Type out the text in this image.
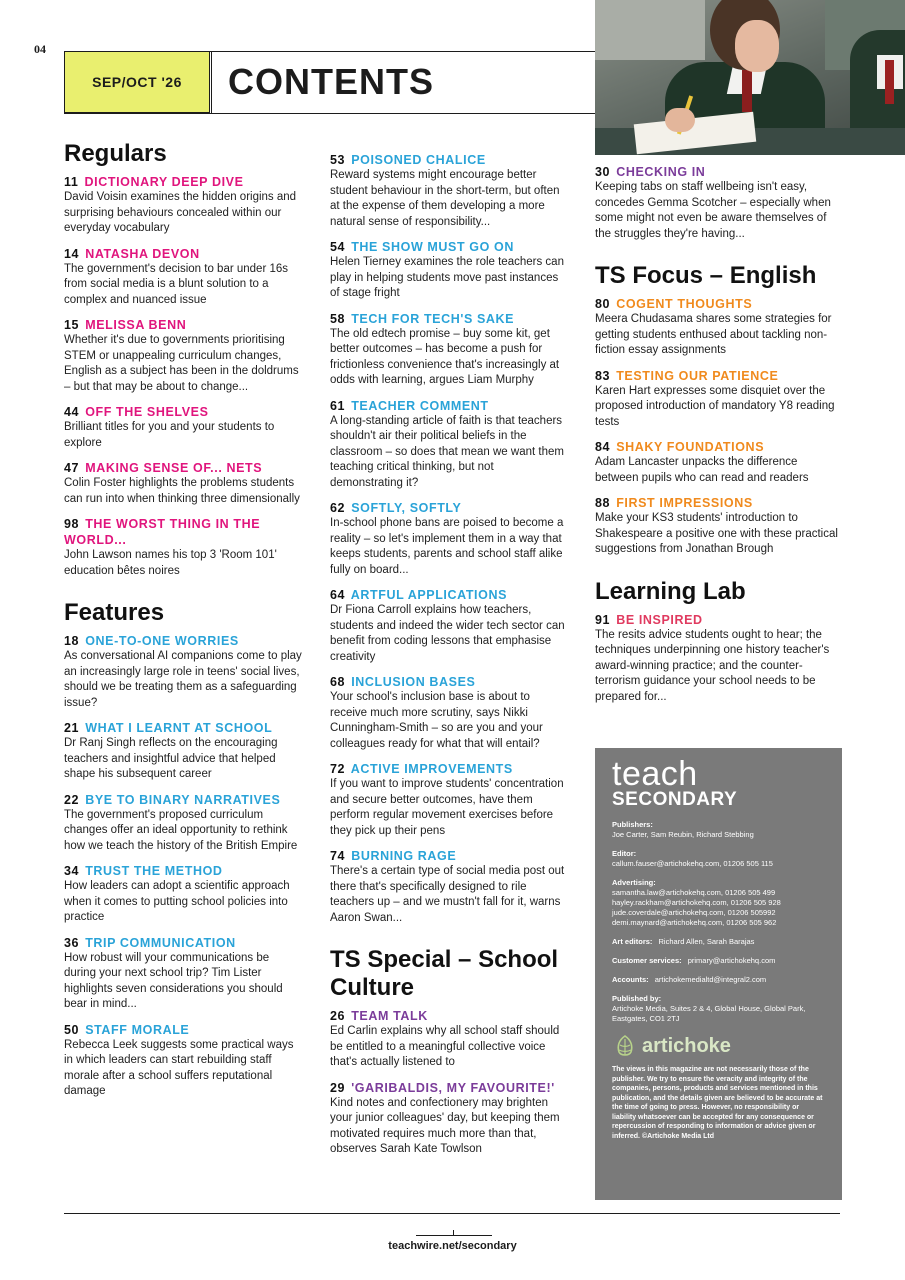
04
SEP/OCT '26	CONTENTS
Regulars
11 DICTIONARY DEEP DIVE
David Voisin examines the hidden origins and surprising behaviours concealed within our everyday vocabulary
14 NATASHA DEVON
The government's decision to bar under 16s from social media is a blunt solution to a complex and nuanced issue
15 MELISSA BENN
Whether it's due to governments prioritising STEM or unappealing curriculum changes, English as a subject has been in the doldrums – but that may be about to change...
44 OFF THE SHELVES
Brilliant titles for you and your students to explore
47 MAKING SENSE OF... NETS
Colin Foster highlights the problems students can run into when thinking three dimensionally
98 THE WORST THING IN THE WORLD...
John Lawson names his top 3 'Room 101' education bêtes noires
Features
18 ONE-TO-ONE WORRIES
As conversational AI companions come to play an increasingly large role in teens' social lives, should we be treating them as a safeguarding issue?
21 WHAT I LEARNT AT SCHOOL
Dr Ranj Singh reflects on the encouraging teachers and insightful advice that helped shape his subsequent career
22 BYE TO BINARY NARRATIVES
The government's proposed curriculum changes offer an ideal opportunity to rethink how we teach the history of the British Empire
34 TRUST THE METHOD
How leaders can adopt a scientific approach when it comes to putting school policies into practice
36 TRIP COMMUNICATION
How robust will your communications be during your next school trip? Tim Lister highlights seven considerations you should bear in mind...
50 STAFF MORALE
Rebecca Leek suggests some practical ways in which leaders can start rebuilding staff morale after a school suffers reputational damage
53 POISONED CHALICE
Reward systems might encourage better student behaviour in the short-term, but often at the expense of them developing a more natural sense of responsibility...
54 THE SHOW MUST GO ON
Helen Tierney examines the role teachers can play in helping students move past instances of stage fright
58 TECH FOR TECH'S SAKE
The old edtech promise – buy some kit, get better outcomes – has become a push for frictionless convenience that's increasingly at odds with learning, argues Liam Murphy
61 TEACHER COMMENT
A long-standing article of faith is that teachers shouldn't air their political beliefs in the classroom – so does that mean we want them teaching critical thinking, but not demonstrating it?
62 SOFTLY, SOFTLY
In-school phone bans are poised to become a reality – so let's implement them in a way that keeps students, parents and school staff alike fully on board...
64 ARTFUL APPLICATIONS
Dr Fiona Carroll explains how teachers, students and indeed the wider tech sector can benefit from coding lessons that emphasise creativity
68 INCLUSION BASES
Your school's inclusion base is about to receive much more scrutiny, says Nikki Cunningham-Smith – so are you and your colleagues ready for what that will entail?
72 ACTIVE IMPROVEMENTS
If you want to improve students' concentration and secure better outcomes, have them perform regular movement exercises before they pick up their pens
74 BURNING RAGE
There's a certain type of social media post out there that's specifically designed to rile teachers up – and we mustn't fall for it, warns Aaron Swan...
TS Special – School Culture
26 TEAM TALK
Ed Carlin explains why all school staff should be entitled to a meaningful collective voice that's actually listened to
29 'GARIBALDIS, MY FAVOURITE!'
Kind notes and confectionery may brighten your junior colleagues' day, but keeping them motivated requires much more than that, observes Sarah Kate Towlson
30 CHECKING IN
Keeping tabs on staff wellbeing isn't easy, concedes Gemma Scotcher – especially when some might not even be aware themselves of the struggles they're having...
TS Focus – English
80 COGENT THOUGHTS
Meera Chudasama shares some strategies for getting students enthused about tackling non-fiction essay assignments
83 TESTING OUR PATIENCE
Karen Hart expresses some disquiet over the proposed introduction of mandatory Y8 reading tests
84 SHAKY FOUNDATIONS
Adam Lancaster unpacks the difference between pupils who can read and readers
88 FIRST IMPRESSIONS
Make your KS3 students' introduction to Shakespeare a positive one with these practical suggestions from Jonathan Brough
Learning Lab
91 BE INSPIRED
The resits advice students ought to hear; the techniques underpinning one history teacher's award-winning practice; and the counter-terrorism guidance your school needs to be prepared for...
teach
SECONDARY
Publishers:
Joe Carter, Sam Reubin, Richard Stebbing
Editor:
callum.fauser@artichokehq.com, 01206 505 115
Advertising:
samantha.law@artichokehq.com, 01206 505 499
hayley.rackham@artichokehq.com, 01206 505 928
jude.coverdale@artichokehq.com, 01206 505992
demi.maynard@artichokehq.com, 01206 505 962
Art editors: Richard Allen, Sarah Barajas
Customer services: primary@artichokehq.com
Accounts: artichokemedialtd@integral2.com
Published by:
Artichoke Media, Suites 2 & 4, Global House, Global Park, Eastgates, CO1 2TJ
artichoke
The views in this magazine are not necessarily those of the publisher. We try to ensure the veracity and integrity of the companies, persons, products and services mentioned in this publication, and the details given are believed to be accurate at the time of going to press. However, no responsibility or liability whatsoever can be accepted for any consequence or repercussion of responding to information or advice given or inferred. ©Artichoke Media Ltd
teachwire.net/secondary
